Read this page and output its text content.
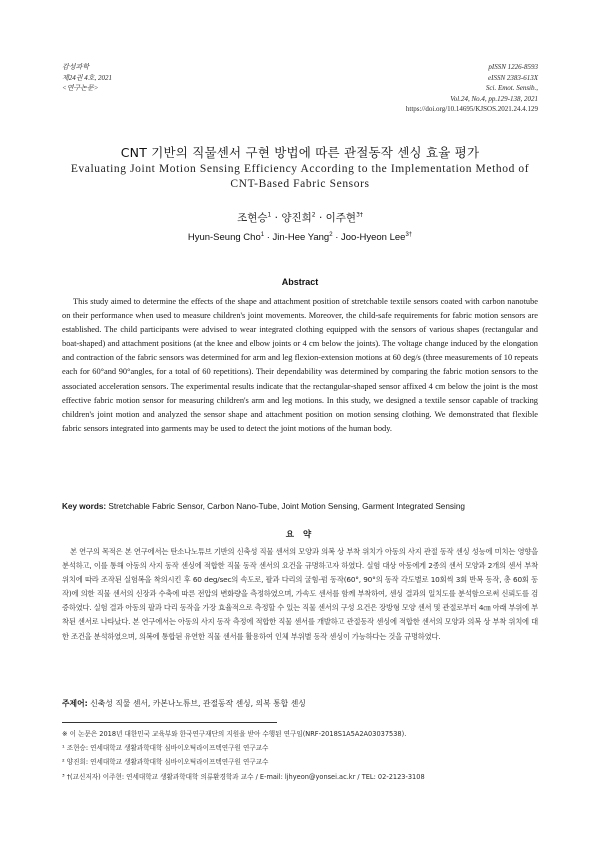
감성과학
제24권 4호, 2021
<연구논문>
pISSN 1226-8593
eISSN 2383-613X
Sci. Emot. Sensib.,
Vol.24, No.4, pp.129-138, 2021
https://doi.org/10.14695/KJSOS.2021.24.4.129
CNT 기반의 직물센서 구현 방법에 따른 관절동작 센싱 효율 평가
Evaluating Joint Motion Sensing Efficiency According to the Implementation Method of CNT-Based Fabric Sensors
조현승$^1$ · 양진희$^2$ · 이주현$^{3\dagger}$
Hyun-Seung Cho$^1$ · Jin-Hee Yang$^2$ · Joo-Hyeon Lee$^{3\dagger}$
Abstract
This study aimed to determine the effects of the shape and attachment position of stretchable textile sensors coated with carbon nanotube on their performance when used to measure children's joint movements. Moreover, the child-safe requirements for fabric motion sensors are established. The child participants were advised to wear integrated clothing equipped with the sensors of various shapes (rectangular and boat-shaped) and attachment positions (at the knee and elbow joints or 4 cm below the joints). The voltage change induced by the elongation and contraction of the fabric sensors was determined for arm and leg flexion-extension motions at 60 deg/s (three measurements of 10 repeats each for 60°and 90°angles, for a total of 60 repetitions). Their dependability was determined by comparing the fabric motion sensors to the associated acceleration sensors. The experimental results indicate that the rectangular-shaped sensor affixed 4 cm below the joint is the most effective fabric motion sensor for measuring children's arm and leg motions. In this study, we designed a textile sensor capable of tracking children's joint motion and analyzed the sensor shape and attachment position on motion sensing clothing. We demonstrated that flexible fabric sensors integrated into garments may be used to detect the joint motions of the human body.
Key words: Stretchable Fabric Sensor, Carbon Nano-Tube, Joint Motion Sensing, Garment Integrated Sensing
요 약
본 연구의 목적은 본 연구에서는 탄소나노튜브 기반의 신축성 직물 센서의 모양과 의복 상 부착 위치가 아동의 사지 관절 동작 센싱 성능에 미치는 영향을 분석하고, 이를 통해 아동의 사지 동작 센싱에 적합한 직물 동작 센서의 요건을 규명하고자 하였다. 실험 대상 아동에게 2종의 센서 모양과 2개의 센서 부착 위치에 따라 조작된 실험복을 착의시킨 후 60 deg/sec의 속도로, 팔과 다리의 굴힘-펌 동작(60°, 90°의 동작 각도별로 10회씩 3회 반복 동작, 총 60회 동작)에 의한 직물 센서의 신장과 수축에 따른 전압의 변화량을 측정하였으며, 가속도 센서를 함께 부착하여, 센싱 결과의 일치도를 분석함으로써 신뢰도를 검증하였다. 실험 결과 아동의 팔과 다리 동작을 가장 효율적으로 측정할 수 있는 직물 센서의 구성 요건은 장방형 모양 센서 및 관절로부터 4㎝ 아래 부위에 부착된 센서로 나타났다. 본 연구에서는 아동의 사지 동작 측정에 적합한 직물 센서를 개발하고 관절동작 센싱에 적합한 센서의 모양과 의복 상 부착 위치에 대한 조건을 분석하였으며, 의복에 통합된 유연한 직물 센서를 활용하여 인체 부위별 동작 센싱이 가능하다는 것을 규명하였다.
주제어: 신축성 직물 센서, 카본나노튜브, 관절동작 센싱, 의복 통합 센싱
※ 이 논문은 2018년 대한민국 교육부와 한국연구재단의 지원을 받아 수행된 연구임(NRF-2018S1A5A2A03037538).
¹ 조현승: 연세대학교 생활과학대학 심바이오틱라이프텍연구원 연구교수
² 양진희: 연세대학교 생활과학대학 심바이오틱라이프텍연구원 연구교수
³ †(교신저자) 이주현: 연세대학교 생활과학대학 의류환경학과 교수 / E-mail: ljhyeon@yonsei.ac.kr / TEL: 02-2123-3108
